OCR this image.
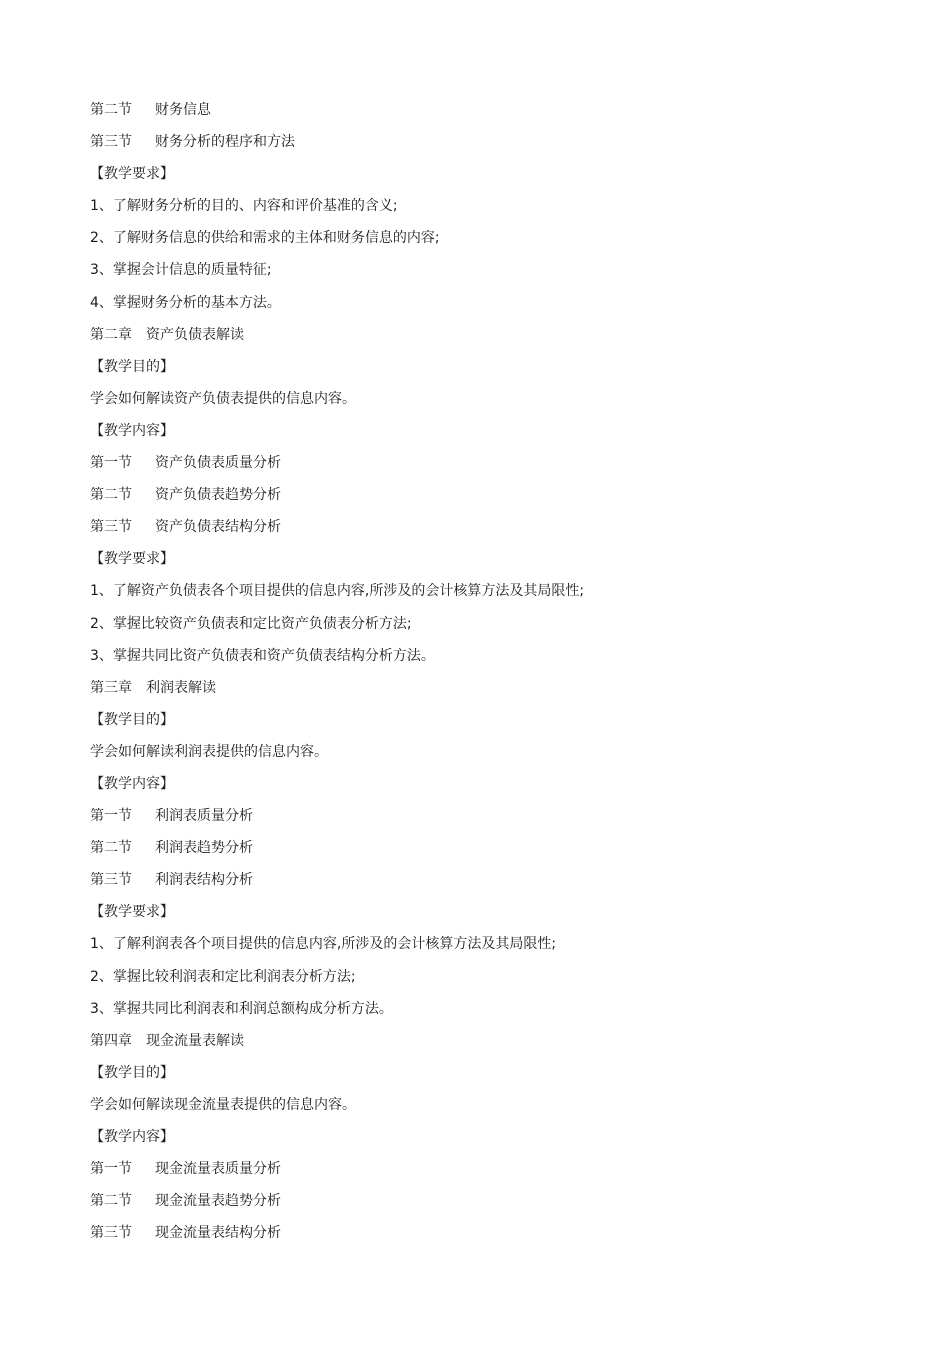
第二节 财务信息
第三节 财务分析的程序和方法
【教学要求】
1、了解财务分析的目的、内容和评价基准的含义;
2、了解财务信息的供给和需求的主体和财务信息的内容;
3、掌握会计信息的质量特征;
4、掌握财务分析的基本方法。
第二章 资产负债表解读
【教学目的】
学会如何解读资产负债表提供的信息内容。
【教学内容】
第一节 资产负债表质量分析
第二节 资产负债表趋势分析
第三节 资产负债表结构分析
【教学要求】
1、了解资产负债表各个项目提供的信息内容,所涉及的会计核算方法及其局限性;
2、掌握比较资产负债表和定比资产负债表分析方法;
3、掌握共同比资产负债表和资产负债表结构分析方法。
第三章 利润表解读
【教学目的】
学会如何解读利润表提供的信息内容。
【教学内容】
第一节 利润表质量分析
第二节 利润表趋势分析
第三节 利润表结构分析
【教学要求】
1、了解利润表各个项目提供的信息内容,所涉及的会计核算方法及其局限性;
2、掌握比较利润表和定比利润表分析方法;
3、掌握共同比利润表和利润总额构成分析方法。
第四章 现金流量表解读
【教学目的】
学会如何解读现金流量表提供的信息内容。
【教学内容】
第一节 现金流量表质量分析
第二节 现金流量表趋势分析
第三节 现金流量表结构分析
